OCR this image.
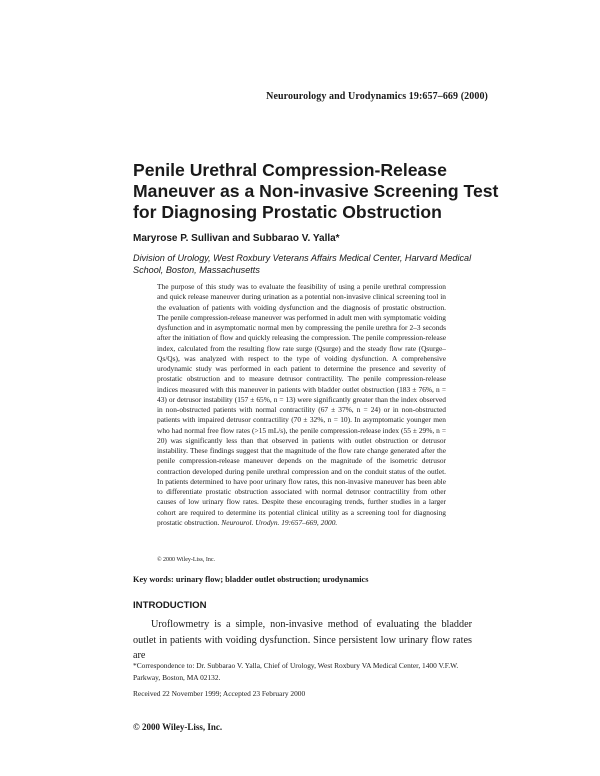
Neurourology and Urodynamics 19:657–669 (2000)
Penile Urethral Compression-Release Maneuver as a Non-invasive Screening Test for Diagnosing Prostatic Obstruction
Maryrose P. Sullivan and Subbarao V. Yalla*
Division of Urology, West Roxbury Veterans Affairs Medical Center, Harvard Medical School, Boston, Massachusetts

The purpose of this study was to evaluate the feasibility of using a penile urethral compression and quick release maneuver during urination as a potential non-invasive clinical screening tool in the evaluation of patients with voiding dysfunction and the diagnosis of prostatic obstruction. The penile compression-release maneuver was performed in adult men with symptomatic voiding dysfunction and in asymptomatic normal men by compressing the penile urethra for 2–3 seconds after the initiation of flow and quickly releasing the compression. The penile compression-release index, calculated from the resulting flow rate surge (Qsurge) and the steady flow rate (Qsurge–Qs/Qs), was analyzed with respect to the type of voiding dysfunction. A comprehensive urodynamic study was performed in each patient to determine the presence and severity of prostatic obstruction and to measure detrusor contractility. The penile compression-release indices measured with this maneuver in patients with bladder outlet obstruction (183 ± 76%, n = 43) or detrusor instability (157 ± 65%, n = 13) were significantly greater than the index observed in non-obstructed patients with normal contractility (67 ± 37%, n = 24) or in non-obstructed patients with impaired detrusor contractility (70 ± 32%, n = 10). In asymptomatic younger men who had normal free flow rates (>15 mL/s), the penile compression-release index (55 ± 29%, n = 20) was significantly less than that observed in patients with outlet obstruction or detrusor instability. These findings suggest that the magnitude of the flow rate change generated after the penile compression-release maneuver depends on the magnitude of the isometric detrusor contraction developed during penile urethral compression and on the conduit status of the outlet. In patients determined to have poor urinary flow rates, this non-invasive maneuver has been able to differentiate prostatic obstruction associated with normal detrusor contractility from other causes of low urinary flow rates. Despite these encouraging trends, further studies in a larger cohort are required to determine its potential clinical utility as a screening tool for diagnosing prostatic obstruction. Neurourol. Urodyn. 19:657–669, 2000.

© 2000 Wiley-Liss, Inc.
Key words: urinary flow; bladder outlet obstruction; urodynamics
INTRODUCTION

Uroflowmetry is a simple, non-invasive method of evaluating the bladder outlet in patients with voiding dysfunction. Since persistent low urinary flow rates are

*Correspondence to: Dr. Subbarao V. Yalla, Chief of Urology, West Roxbury VA Medical Center, 1400 V.F.W. Parkway, Boston, MA 02132.
Received 22 November 1999; Accepted 23 February 2000
© 2000 Wiley-Liss, Inc.
